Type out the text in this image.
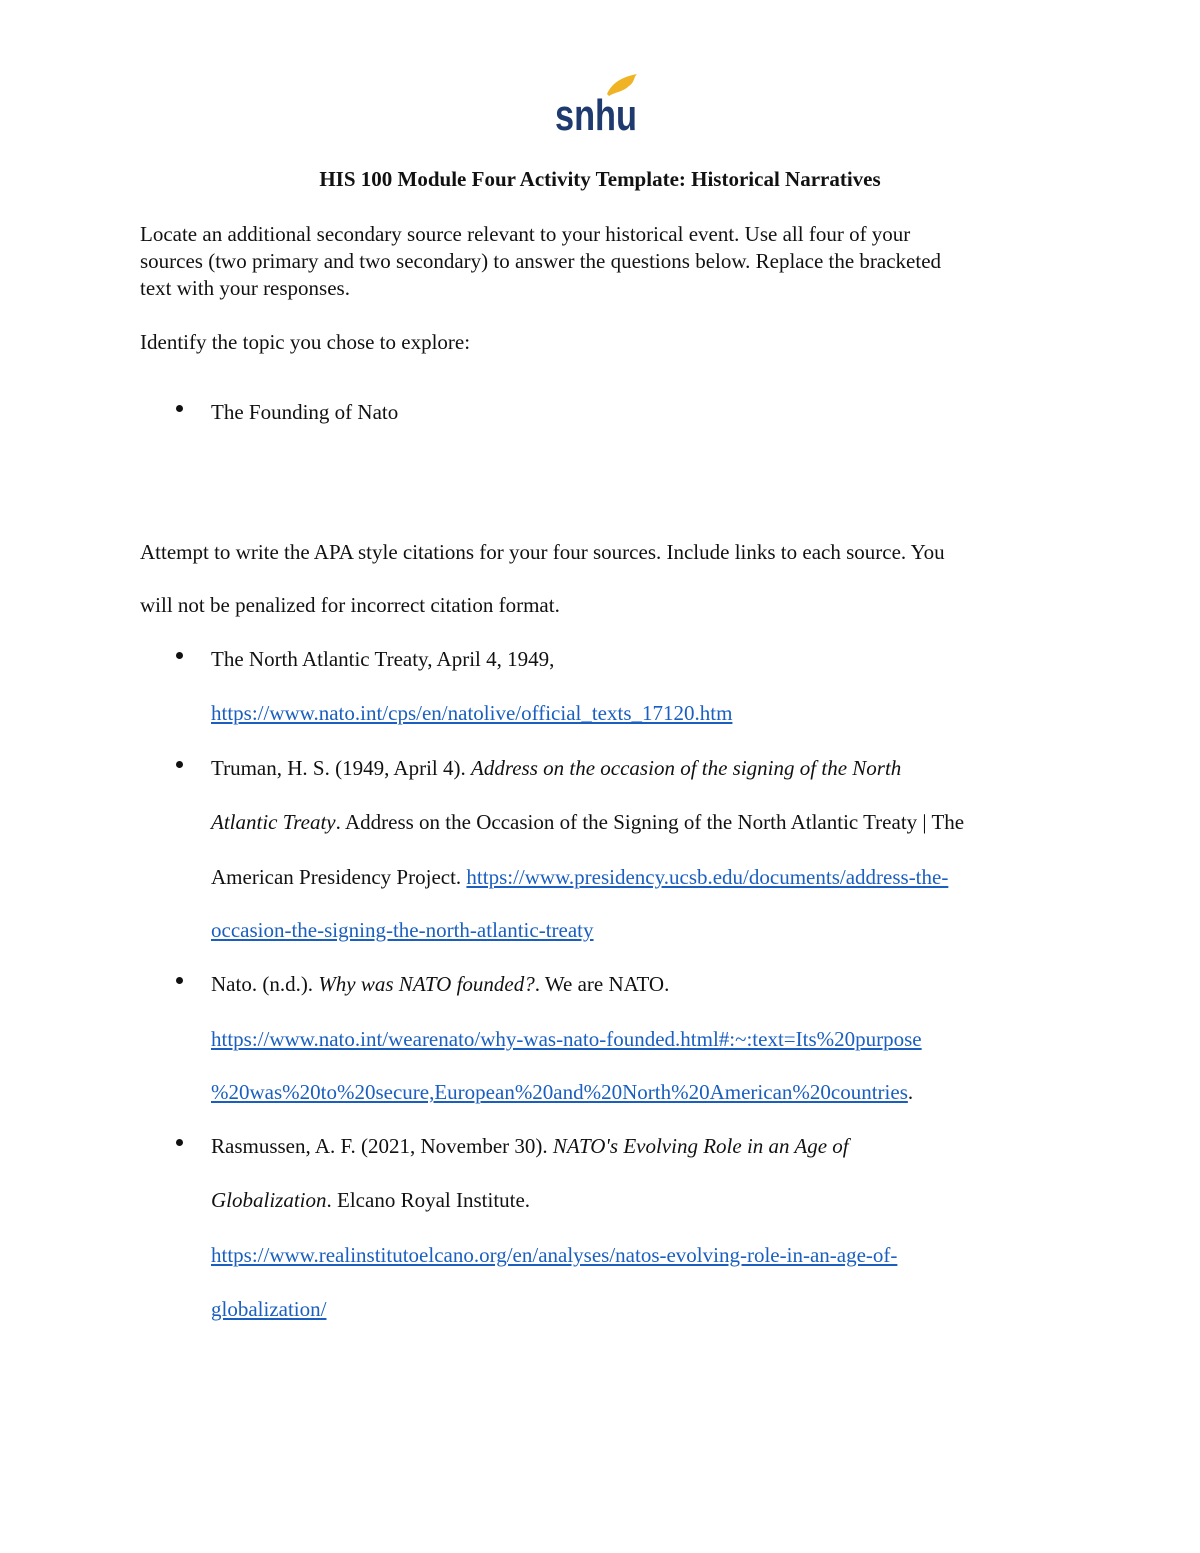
snhu
HIS 100 Module Four Activity Template: Historical Narratives
Locate an additional secondary source relevant to your historical event. Use all four of your
sources (two primary and two secondary) to answer the questions below. Replace the bracketed
text with your responses.
Identify the topic you chose to explore:
The Founding of Nato
Attempt to write the APA style citations for your four sources. Include links to each source. You
will not be penalized for incorrect citation format.
The North Atlantic Treaty, April 4, 1949,
https://www.nato.int/cps/en/natolive/official_texts_17120.htm
Truman, H. S. (1949, April 4). Address on the occasion of the signing of the North
Atlantic Treaty. Address on the Occasion of the Signing of the North Atlantic Treaty | The
American Presidency Project. https://www.presidency.ucsb.edu/documents/address-the-
occasion-the-signing-the-north-atlantic-treaty
Nato. (n.d.). Why was NATO founded?. We are NATO.
https://www.nato.int/wearenato/why-was-nato-founded.html#:~:text=Its%20purpose
%20was%20to%20secure,European%20and%20North%20American%20countries.
Rasmussen, A. F. (2021, November 30). NATO's Evolving Role in an Age of
Globalization. Elcano Royal Institute.
https://www.realinstitutoelcano.org/en/analyses/natos-evolving-role-in-an-age-of-
globalization/
